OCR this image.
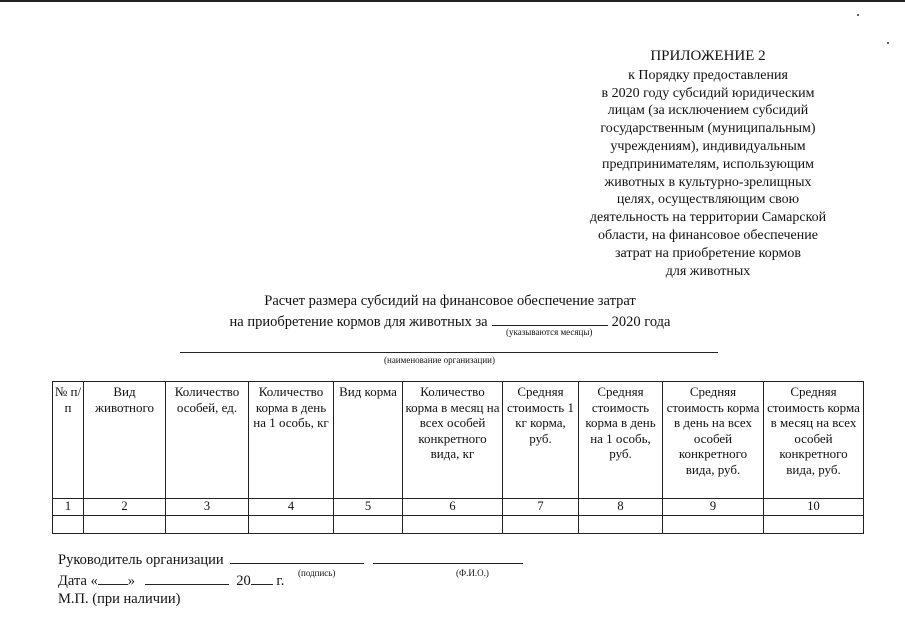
ПРИЛОЖЕНИЕ 2
к Порядку предоставления
в 2020 году субсидий юридическим
лицам (за исключением субсидий
государственным (муниципальным)
учреждениям), индивидуальным
предпринимателям, использующим
животных в культурно-зрелищных
целях, осуществляющим свою
деятельность на территории Самарской
области, на финансовое обеспечение
затрат на приобретение кормов
для животных
Расчет размера субсидий на финансовое обеспечение затрат
на приобретение кормов для животных за	2020 года
(указываются месяцы)
(наименование организации)
№ п/п	Вид животного	Количество особей, ед.	Количество корма в день на 1 особь, кг	Вид корма	Количество корма в месяц на всех особей конкретного вида, кг	Средняя стоимость 1 кг корма, руб.	Средняя стоимость корма в день на 1 особь, руб.	Средняя стоимость корма в день на всех особей конкретного вида, руб.	Средняя стоимость корма в месяц на всех особей конкретного вида, руб.
1	2	3	4	5	6	7	8	9	10

Руководитель организации
Дата « »	20 г.
М.П. (при наличии)
(подпись)	(Ф.И.О.)
